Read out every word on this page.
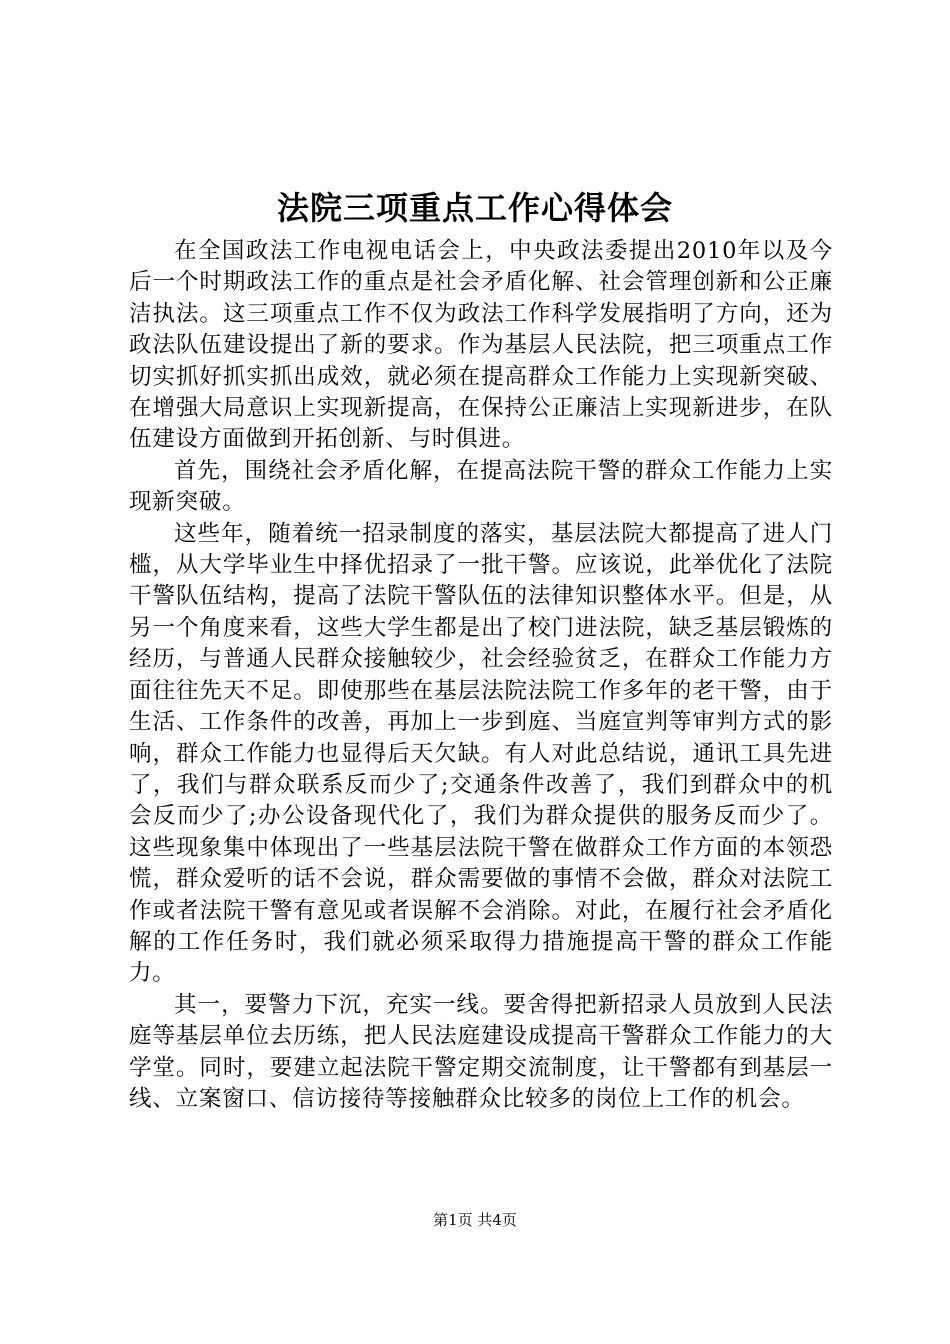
法院三项重点工作心得体会

在全国政法工作电视电话会上，中央政法委提出2010年以及今后一个时期政法工作的重点是社会矛盾化解、社会管理创新和公正廉洁执法。这三项重点工作不仅为政法工作科学发展指明了方向，还为政法队伍建设提出了新的要求。作为基层人民法院，把三项重点工作切实抓好抓实抓出成效，就必须在提高群众工作能力上实现新突破、在增强大局意识上实现新提高，在保持公正廉洁上实现新进步，在队伍建设方面做到开拓创新、与时俱进。

首先，围绕社会矛盾化解，在提高法院干警的群众工作能力上实现新突破。

这些年，随着统一招录制度的落实，基层法院大都提高了进人门槛，从大学毕业生中择优招录了一批干警。应该说，此举优化了法院干警队伍结构，提高了法院干警队伍的法律知识整体水平。但是，从另一个角度来看，这些大学生都是出了校门进法院，缺乏基层锻炼的经历，与普通人民群众接触较少，社会经验贫乏，在群众工作能力方面往往先天不足。即使那些在基层法院法院工作多年的老干警，由于生活、工作条件的改善，再加上一步到庭、当庭宣判等审判方式的影响，群众工作能力也显得后天欠缺。有人对此总结说，通讯工具先进了，我们与群众联系反而少了;交通条件改善了，我们到群众中的机会反而少了;办公设备现代化了，我们为群众提供的服务反而少了。这些现象集中体现出了一些基层法院干警在做群众工作方面的本领恐慌，群众爱听的话不会说，群众需要做的事情不会做，群众对法院工作或者法院干警有意见或者误解不会消除。对此，在履行社会矛盾化解的工作任务时，我们就必须采取得力措施提高干警的群众工作能力。

其一，要警力下沉，充实一线。要舍得把新招录人员放到人民法庭等基层单位去历练，把人民法庭建设成提高干警群众工作能力的大学堂。同时，要建立起法院干警定期交流制度，让干警都有到基层一线、立案窗口、信访接待等接触群众比较多的岗位上工作的机会。

第1页 共4页
